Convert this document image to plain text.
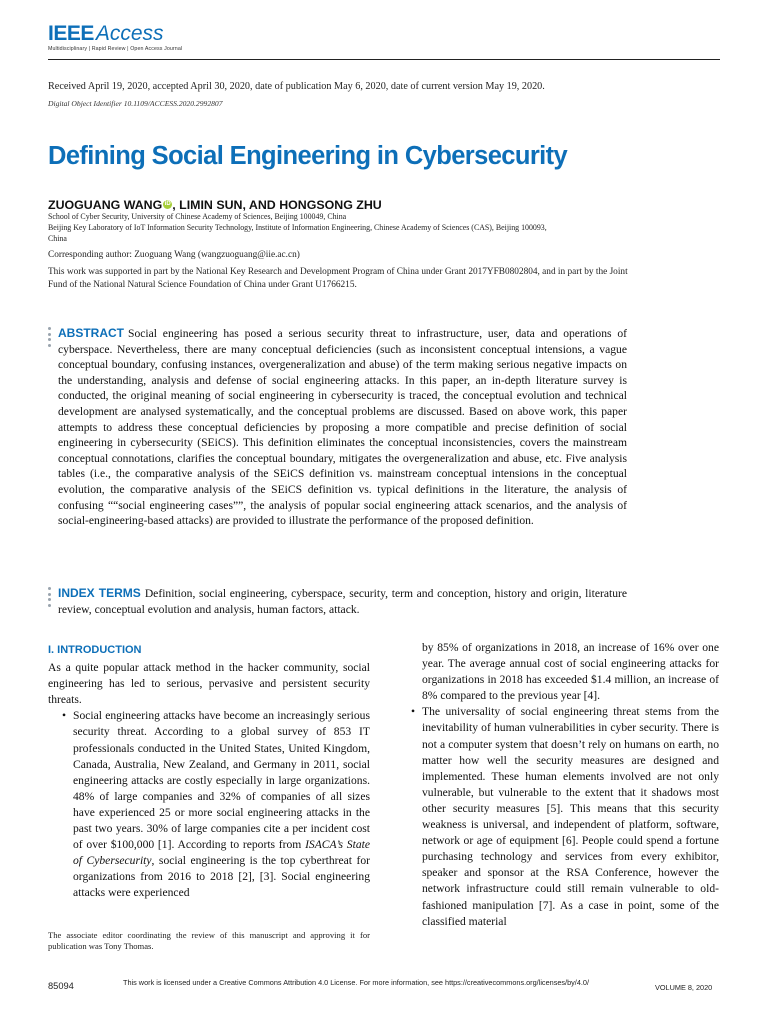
IEEEAccess
Multidisciplinary | Rapid Review | Open Access Journal
Received April 19, 2020, accepted April 30, 2020, date of publication May 6, 2020, date of current version May 19, 2020.
Digital Object Identifier 10.1109/ACCESS.2020.2992807
Defining Social Engineering in Cybersecurity
ZUOGUANG WANG iD , LIMIN SUN, AND HONGSONG ZHU
School of Cyber Security, University of Chinese Academy of Sciences, Beijing 100049, China
Beijing Key Laboratory of IoT Information Security Technology, Institute of Information Engineering, Chinese Academy of Sciences (CAS), Beijing 100093,
China
Corresponding author: Zuoguang Wang (wangzuoguang@iie.ac.cn)
This work was supported in part by the National Key Research and Development Program of China under Grant 2017YFB0802804, and in part by the Joint Fund of the National Natural Science Foundation of China under Grant U1766215.
ABSTRACT Social engineering has posed a serious security threat to infrastructure, user, data and operations of cyberspace. Nevertheless, there are many conceptual deficiencies (such as inconsistent conceptual intensions, a vague conceptual boundary, confusing instances, overgeneralization and abuse) of the term making serious negative impacts on the understanding, analysis and defense of social engineering attacks. In this paper, an in-depth literature survey is conducted, the original meaning of social engineering in cybersecurity is traced, the conceptual evolution and technical development are analysed systematically, and the conceptual problems are discussed. Based on above work, this paper attempts to address these conceptual deficiencies by proposing a more compatible and precise definition of social engineering in cybersecurity (SEiCS). This definition eliminates the conceptual inconsistencies, covers the mainstream conceptual connotations, clarifies the conceptual boundary, mitigates the overgeneralization and abuse, etc. Five analysis tables (i.e., the comparative analysis of the SEiCS definition vs. mainstream conceptual intensions in the conceptual evolution, the comparative analysis of the SEiCS definition vs. typical definitions in the literature, the analysis of confusing ““social engineering cases””, the analysis of popular social engineering attack scenarios, and the analysis of social-engineering-based attacks) are provided to illustrate the performance of the proposed definition.
INDEX TERMS Definition, social engineering, cyberspace, security, term and conception, history and origin, literature review, conceptual evolution and analysis, human factors, attack.
I. INTRODUCTION
As a quite popular attack method in the hacker community, social engineering has led to serious, pervasive and persistent security threats.
• Social engineering attacks have become an increasingly serious security threat. According to a global survey of 853 IT professionals conducted in the United States, United Kingdom, Canada, Australia, New Zealand, and Germany in 2011, social engineering attacks are costly especially in large organizations. 48% of large companies and 32% of companies of all sizes have experienced 25 or more social engineering attacks in the past two years. 30% of large companies cite a per incident cost of over $100,000 [1]. According to reports from ISACA’s State of Cybersecurity, social engineering is the top cyberthreat for organizations from 2016 to 2018 [2], [3]. Social engineering attacks were experienced
The associate editor coordinating the review of this manuscript and approving it for publication was Tony Thomas.
by 85% of organizations in 2018, an increase of 16% over one year. The average annual cost of social engineering attacks for organizations in 2018 has exceeded $1.4 million, an increase of 8% compared to the previous year [4].
• The universality of social engineering threat stems from the inevitability of human vulnerabilities in cyber security. There is not a computer system that doesn’t rely on humans on earth, no matter how well the security measures are designed and implemented. These human elements involved are not only vulnerable, but vulnerable to the extent that it shadows most other security measures [5]. This means that this security weakness is universal, and independent of platform, software, network or age of equipment [6]. People could spend a fortune purchasing technology and services from every exhibitor, speaker and sponsor at the RSA Conference, however the network infrastructure could still remain vulnerable to old-fashioned manipulation [7]. As a case in point, some of the classified material
85094	This work is licensed under a Creative Commons Attribution 4.0 License. For more information, see https://creativecommons.org/licenses/by/4.0/
VOLUME 8, 2020
